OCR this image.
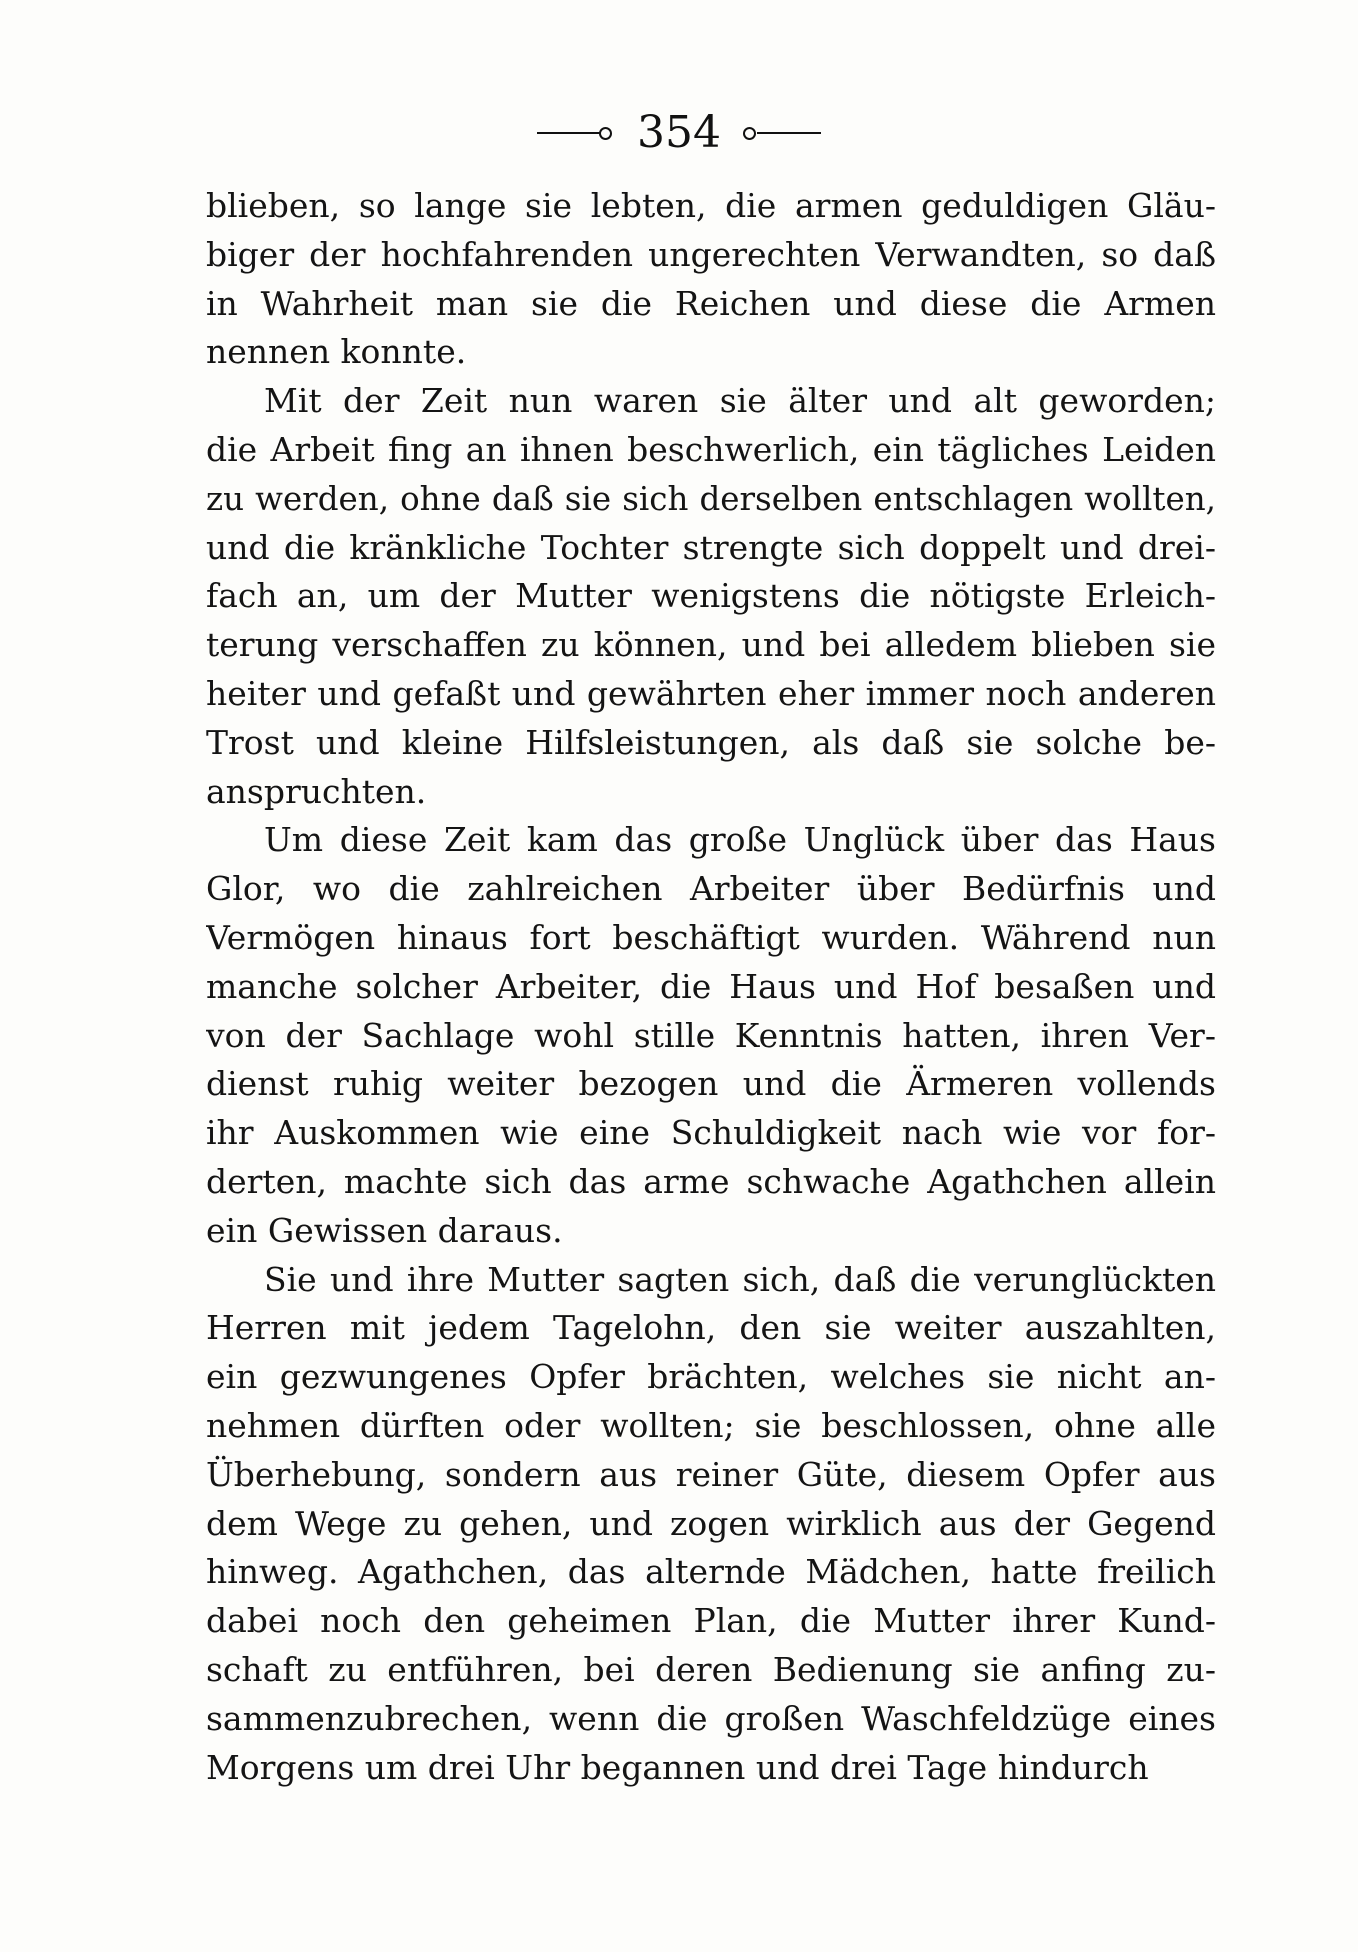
354
blieben, so lange sie lebten, die armen geduldigen Gläu-
biger der hochfahrenden ungerechten Verwandten, so daß
in Wahrheit man sie die Reichen und diese die Armen
nennen konnte.
Mit der Zeit nun waren sie älter und alt geworden;
die Arbeit fing an ihnen beschwerlich, ein tägliches Leiden
zu werden, ohne daß sie sich derselben entschlagen wollten,
und die kränkliche Tochter strengte sich doppelt und drei-
fach an, um der Mutter wenigstens die nötigste Erleich-
terung verschaffen zu können, und bei alledem blieben sie
heiter und gefaßt und gewährten eher immer noch anderen
Trost und kleine Hilfsleistungen, als daß sie solche be-
anspruchten.
Um diese Zeit kam das große Unglück über das Haus
Glor, wo die zahlreichen Arbeiter über Bedürfnis und
Vermögen hinaus fort beschäftigt wurden. Während nun
manche solcher Arbeiter, die Haus und Hof besaßen und
von der Sachlage wohl stille Kenntnis hatten, ihren Ver-
dienst ruhig weiter bezogen und die Ärmeren vollends
ihr Auskommen wie eine Schuldigkeit nach wie vor for-
derten, machte sich das arme schwache Agathchen allein
ein Gewissen daraus.
Sie und ihre Mutter sagten sich, daß die verunglückten
Herren mit jedem Tagelohn, den sie weiter auszahlten,
ein gezwungenes Opfer brächten, welches sie nicht an-
nehmen dürften oder wollten; sie beschlossen, ohne alle
Überhebung, sondern aus reiner Güte, diesem Opfer aus
dem Wege zu gehen, und zogen wirklich aus der Gegend
hinweg. Agathchen, das alternde Mädchen, hatte freilich
dabei noch den geheimen Plan, die Mutter ihrer Kund-
schaft zu entführen, bei deren Bedienung sie anfing zu-
sammenzubrechen, wenn die großen Waschfeldzüge eines
Morgens um drei Uhr begannen und drei Tage hindurch
